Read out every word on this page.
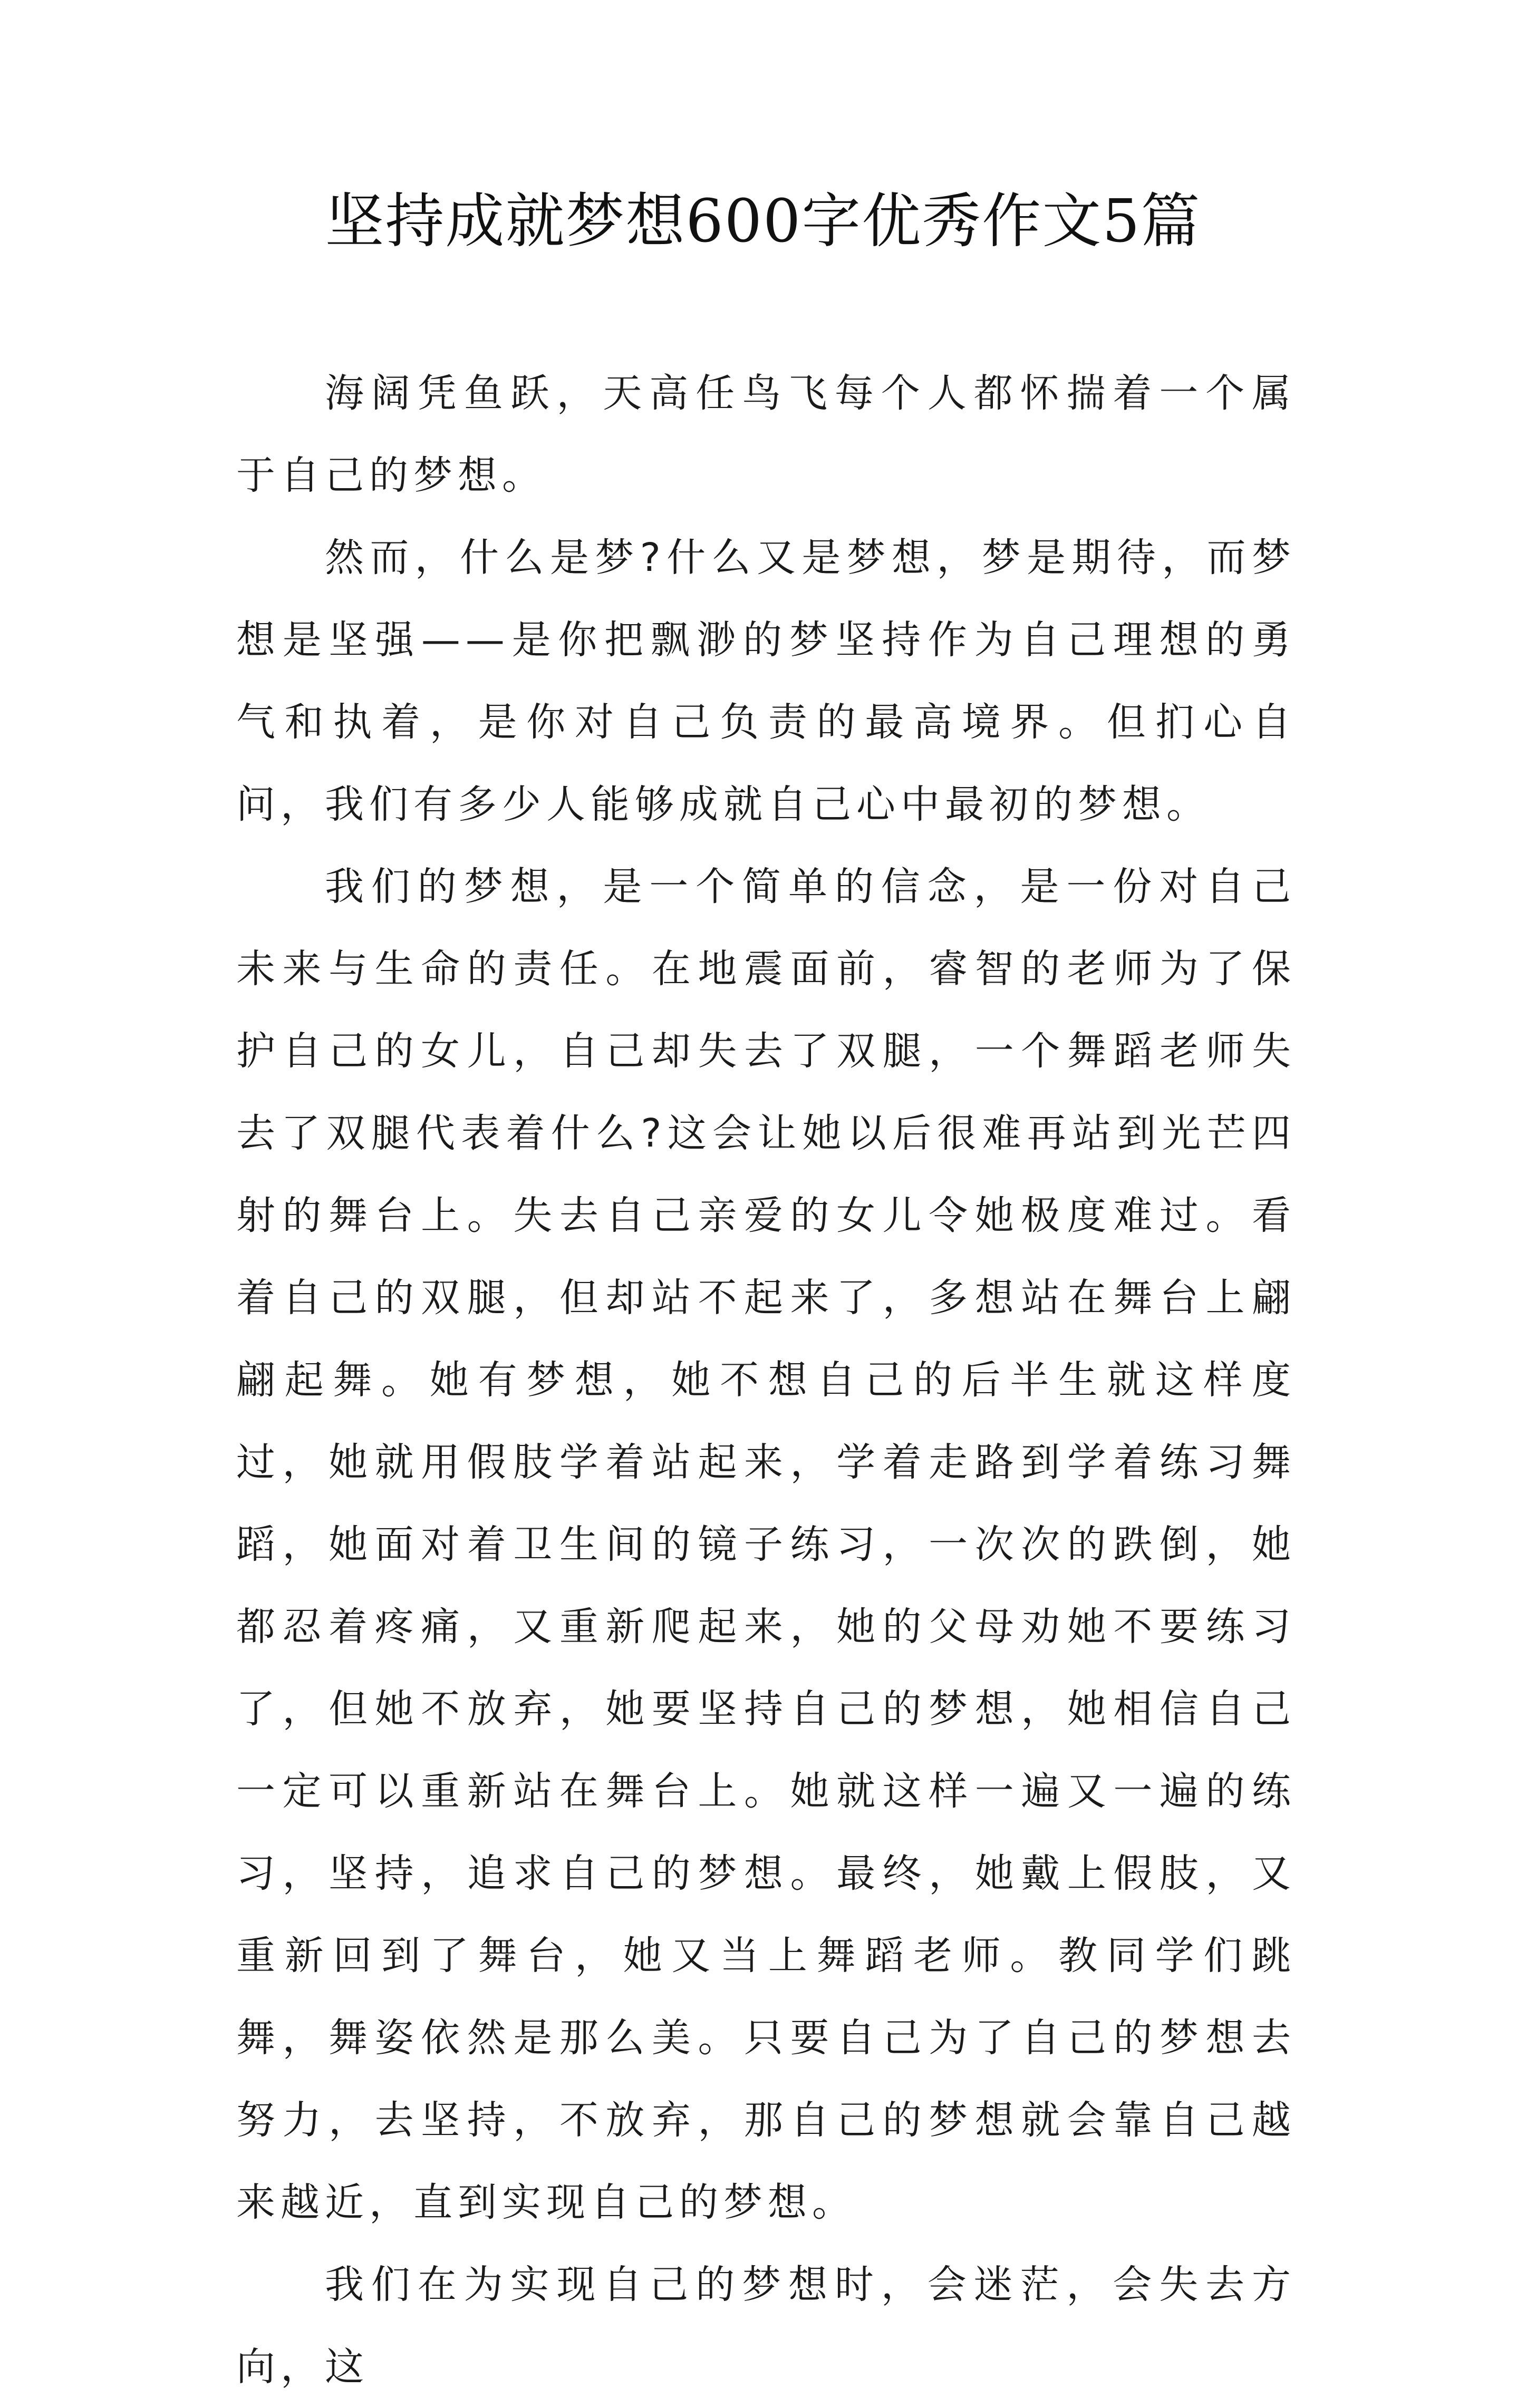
坚持成就梦想600字优秀作文5篇

海阔凭鱼跃，天高任鸟飞每个人都怀揣着一个属于自己的梦想。

然而，什么是梦?什么又是梦想，梦是期待，而梦想是坚强——是你把飘渺的梦坚持作为自己理想的勇气和执着，是你对自己负责的最高境界。但扪心自问，我们有多少人能够成就自己心中最初的梦想。

我们的梦想，是一个简单的信念，是一份对自己未来与生命的责任。在地震面前，睿智的老师为了保护自己的女儿，自己却失去了双腿，一个舞蹈老师失去了双腿代表着什么?这会让她以后很难再站到光芒四射的舞台上。失去自己亲爱的女儿令她极度难过。看着自己的双腿，但却站不起来了，多想站在舞台上翩翩起舞。她有梦想，她不想自己的后半生就这样度过，她就用假肢学着站起来，学着走路到学着练习舞蹈，她面对着卫生间的镜子练习，一次次的跌倒，她都忍着疼痛，又重新爬起来，她的父母劝她不要练习了，但她不放弃，她要坚持自己的梦想，她相信自己一定可以重新站在舞台上。她就这样一遍又一遍的练习，坚持，追求自己的梦想。最终，她戴上假肢，又重新回到了舞台，她又当上舞蹈老师。教同学们跳舞，舞姿依然是那么美。只要自己为了自己的梦想去努力，去坚持，不放弃，那自己的梦想就会靠自己越来越近，直到实现自己的梦想。

我们在为实现自己的梦想时，会迷茫，会失去方向，这
